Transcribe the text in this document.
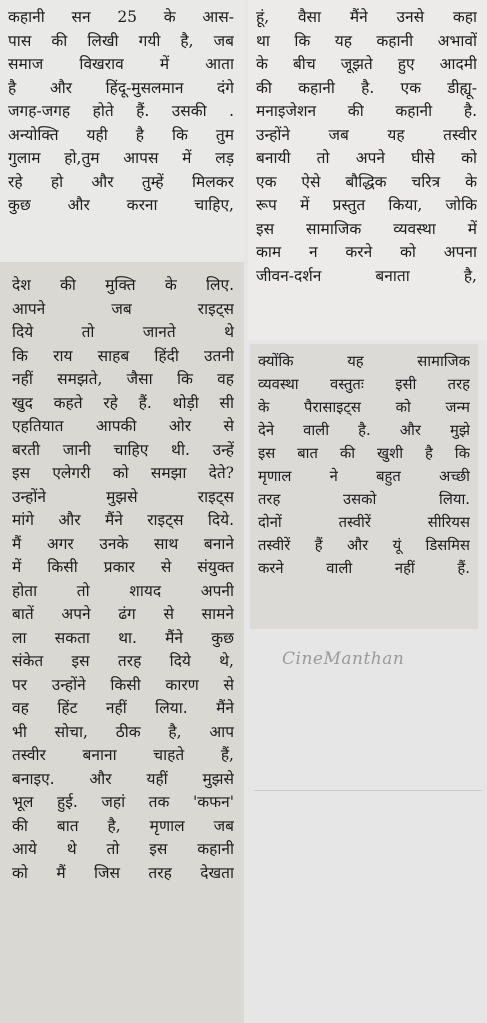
कहानी सन 25 के आस-
पास की लिखी गयी है, जब
समाज विखराव में आता
है और हिंदू-मुसलमान दंगे
जगह-जगह होते हैं. उसकी .
अन्योक्ति यही है कि तुम
गुलाम हो,तुम आपस में लड़
रहे हो और तुम्हें मिलकर
कुछ और करना चाहिए,
हूं, वैसा मैंने उनसे कहा
था कि यह कहानी अभावों
के बीच जूझते हुए आदमी
की कहानी है. एक डीह्यू-
मनाइजेशन की कहानी है.
उन्होंने जब यह तस्वीर
बनायी तो अपने घीसे को
एक ऐसे बौद्धिक चरित्र के
रूप में प्रस्तुत किया, जोकि
इस सामाजिक व्यवस्था में
काम न करने को अपना
जीवन-दर्शन बनाता है,
देश की मुक्ति के लिए.
आपने जब राइट्स
दिये तो जानते थे
कि राय साहब हिंदी उतनी
नहीं समझते, जैसा कि वह
खुद कहते रहे हैं. थोड़ी सी
एहतियात आपकी ओर से
बरती जानी चाहिए थी. उन्हें
इस एलेगरी को समझा देते?
उन्होंने मुझसे राइट्स
मांगे और मैंने राइट्स दिये.
मैं अगर उनके साथ बनाने
में किसी प्रकार से संयुक्त
होता तो शायद अपनी
बातें अपने ढंग से सामने
ला सकता था. मैंने कुछ
संकेत इस तरह दिये थे,
पर उन्होंने किसी कारण से
वह हिंट नहीं लिया. मैंने
भी सोचा, ठीक है, आप
तस्वीर बनाना चाहते हैं,
बनाइए. और यहीं मुझसे
भूल हुई. जहां तक 'कफन'
की बात है, मृणाल जब
आये थे तो इस कहानी
को मैं जिस तरह देखता
क्योंकि यह सामाजिक
व्यवस्था वस्तुतः इसी तरह
के पैरासाइट्स को जन्म
देने वाली है. और मुझे
इस बात की खुशी है कि
मृणाल ने बहुत अच्छी
तरह उसको लिया.
दोनों तस्वीरें सीरियस
तस्वीरें हैं और यूं डिसमिस
करने वाली नहीं हैं.
CineManthan
